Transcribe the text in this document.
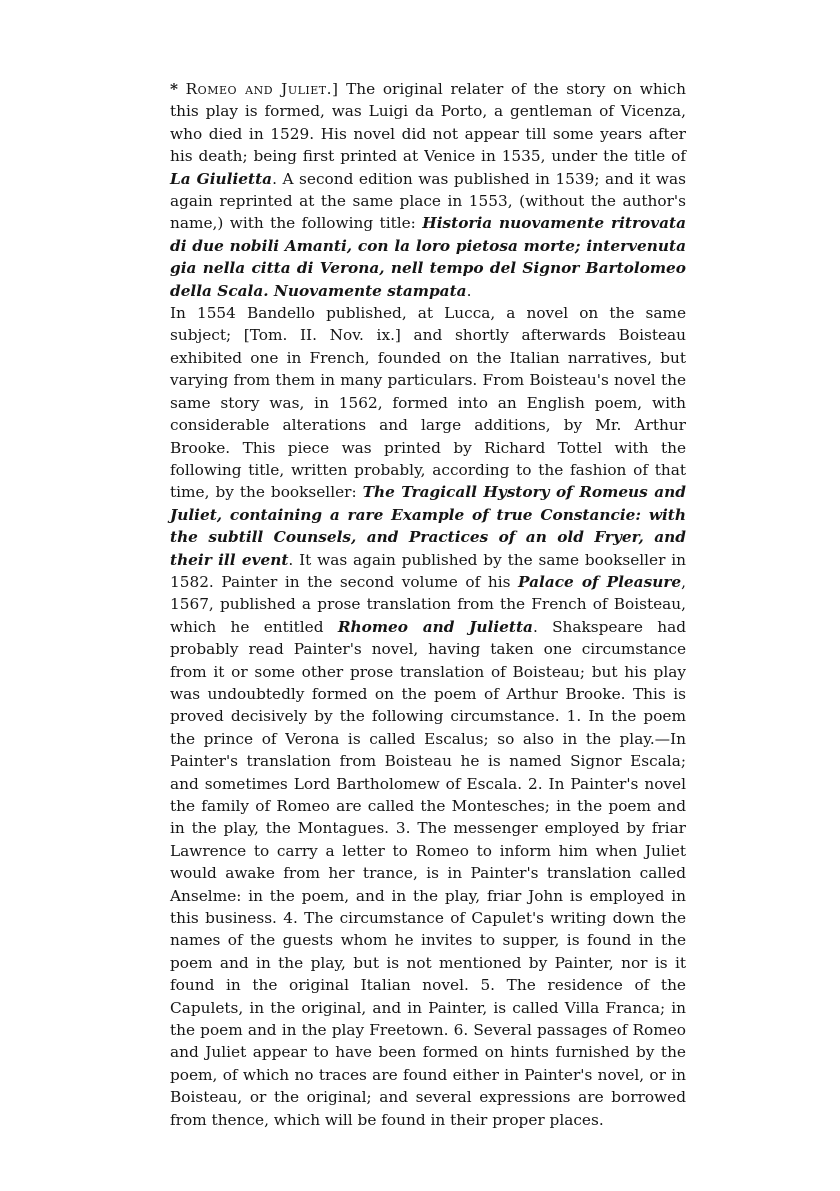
* Romeo and Juliet.] The original relater of the story on which this play is formed, was Luigi da Porto, a gentleman of Vicenza, who died in 1529. His novel did not appear till some years after his death; being first printed at Venice in 1535, under the title of La Giulietta. A second edition was published in 1539; and it was again reprinted at the same place in 1553, (without the author's name,) with the following title: Historia nuovamente ritrovata di due nobili Amanti, con la loro pietosa morte; intervenuta gia nella citta di Verona, nell tempo del Signor Bartolomeo della Scala. Nuovamente stampata.

In 1554 Bandello published, at Lucca, a novel on the same subject; [Tom. II. Nov. ix.] and shortly afterwards Boisteau exhibited one in French, founded on the Italian narratives, but varying from them in many particulars. From Boisteau's novel the same story was, in 1562, formed into an English poem, with considerable alterations and large additions, by Mr. Arthur Brooke. This piece was printed by Richard Tottel with the following title, written probably, according to the fashion of that time, by the bookseller: The Tragicall Hystory of Romeus and Juliet, containing a rare Example of true Constancie: with the subtill Counsels, and Practices of an old Fryer, and their ill event. It was again published by the same bookseller in 1582. Painter in the second volume of his Palace of Pleasure, 1567, published a prose translation from the French of Boisteau, which he entitled Rhomeo and Julietta. Shakspeare had probably read Painter's novel, having taken one circumstance from it or some other prose translation of Boisteau; but his play was undoubtedly formed on the poem of Arthur Brooke. This is proved decisively by the following circumstance. 1. In the poem the prince of Verona is called Escalus; so also in the play.—In Painter's translation from Boisteau he is named Signor Escala; and sometimes Lord Bartholomew of Escala. 2. In Painter's novel the family of Romeo are called the Montesches; in the poem and in the play, the Montagues. 3. The messenger employed by friar Lawrence to carry a letter to Romeo to inform him when Juliet would awake from her trance, is in Painter's translation called Anselme: in the poem, and in the play, friar John is employed in this business. 4. The circumstance of Capulet's writing down the names of the guests whom he invites to supper, is found in the poem and in the play, but is not mentioned by Painter, nor is it found in the original Italian novel. 5. The residence of the Capulets, in the original, and in Painter, is called Villa Franca; in the poem and in the play Freetown. 6. Several passages of Romeo and Juliet appear to have been formed on hints furnished by the poem, of which no traces are found either in Painter's novel, or in Boisteau, or the original; and several expressions are borrowed from thence, which will be found in their proper places.
